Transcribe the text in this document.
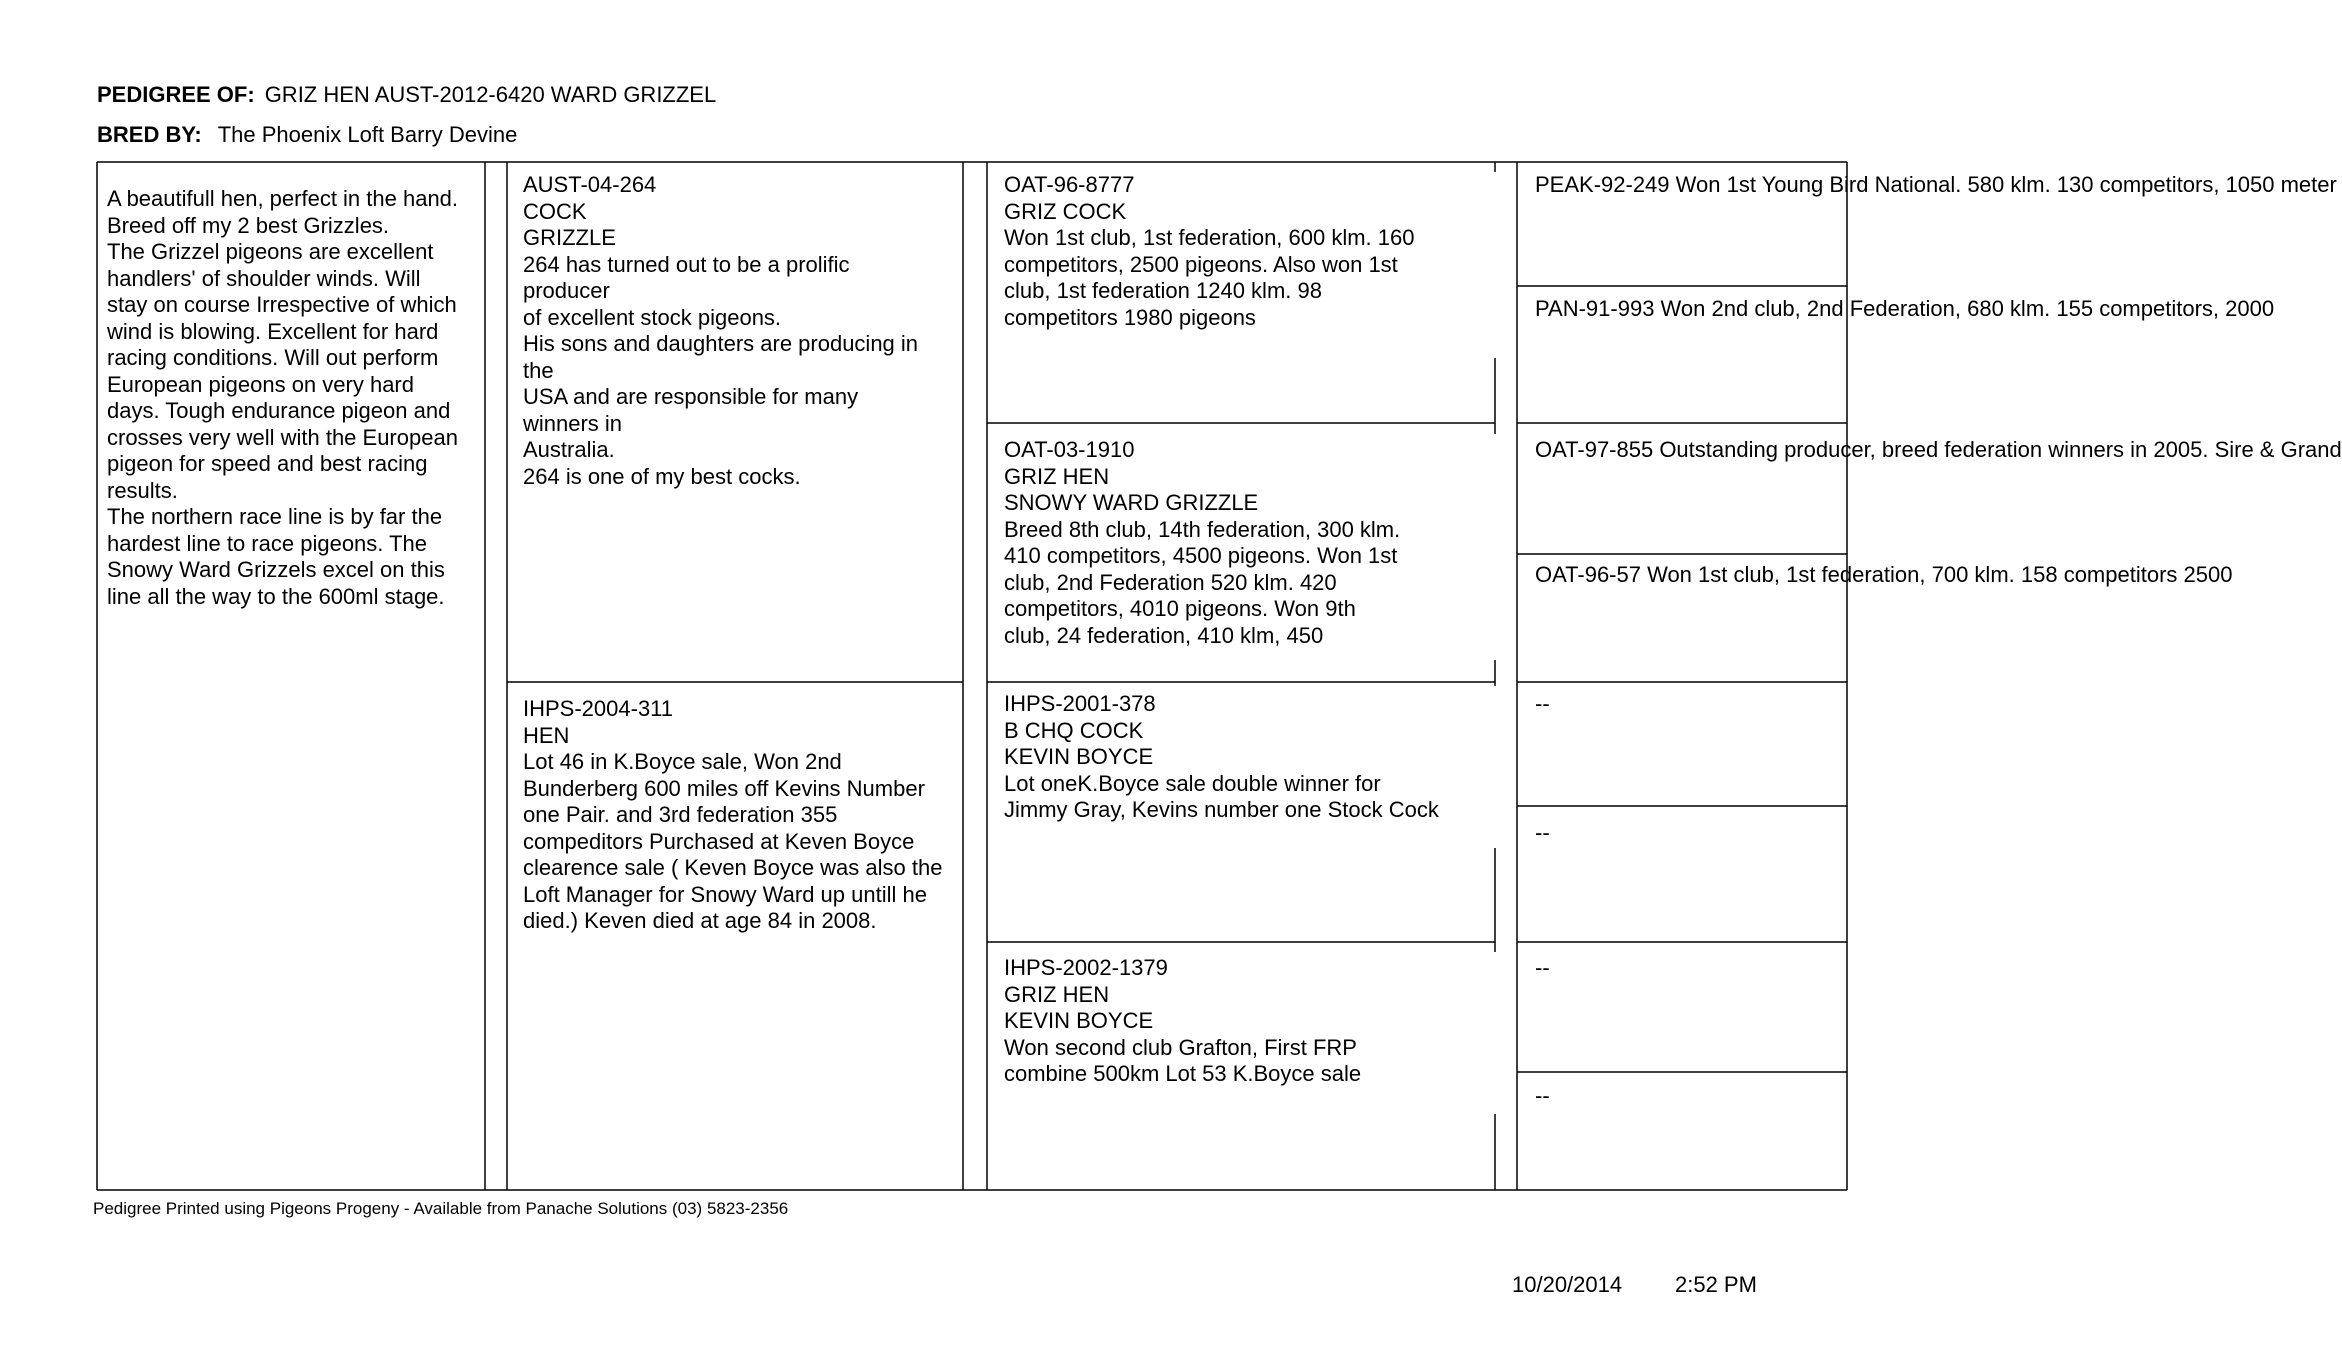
PEDIGREE OF: GRIZ HEN AUST-2012-6420 WARD GRIZZEL
BRED BY: The Phoenix Loft Barry Devine
A beautifull hen, perfect in the hand.
Breed off my 2 best Grizzles.
The Grizzel pigeons are excellent
handlers' of shoulder winds. Will
stay on course Irrespective of which
wind is blowing. Excellent for hard
racing conditions. Will out perform
European pigeons on very hard
days. Tough endurance pigeon and
crosses very well with the European
pigeon for speed and best racing
results.
The northern race line is by far the
hardest line to race pigeons. The
Snowy Ward Grizzels excel on this
line all the way to the 600ml stage.
AUST-04-264
COCK
GRIZZLE
264 has turned out to be a prolific
producer
of excellent stock pigeons.
His sons and daughters are producing in
the
USA and are responsible for many
winners in
Australia.
264 is one of my best cocks.
IHPS-2004-311
HEN
Lot 46 in K.Boyce sale, Won 2nd
Bunderberg 600 miles off Kevins Number
one Pair. and 3rd federation 355
compeditors Purchased at Keven Boyce
clearence sale ( Keven Boyce was also the
Loft Manager for Snowy Ward up untill he
died.) Keven died at age 84 in 2008.
OAT-96-8777
GRIZ COCK
Won 1st club, 1st federation, 600 klm. 160
competitors, 2500 pigeons. Also won 1st
club, 1st federation 1240 klm. 98
competitors 1980 pigeons
OAT-03-1910
GRIZ HEN
SNOWY WARD GRIZZLE
Breed 8th club, 14th federation, 300 klm.
410 competitors, 4500 pigeons. Won 1st
club, 2nd Federation 520 klm. 420
competitors, 4010 pigeons. Won 9th
club, 24 federation, 410 klm, 450
IHPS-2001-378
B CHQ COCK
KEVIN BOYCE
Lot oneK.Boyce sale double winner for
Jimmy Gray, Kevins number one Stock Cock
IHPS-2002-1379
GRIZ HEN
KEVIN BOYCE
Won second club Grafton, First FRP
combine 500km Lot 53 K.Boyce sale
PEAK-92-249 Won 1st Young Bird National. 580 klm. 130 competitors, 1050 meter
PAN-91-993 Won 2nd club, 2nd Federation, 680 klm. 155 competitors, 2000
OAT-97-855 Outstanding producer, breed federation winners in 2005. Sire & Grand
OAT-96-57 Won 1st club, 1st federation, 700 klm. 158 competitors 2500
--
--
--
--
Pedigree Printed using Pigeons Progeny - Available from Panache Solutions (03) 5823-2356
10/20/2014 2:52 PM
